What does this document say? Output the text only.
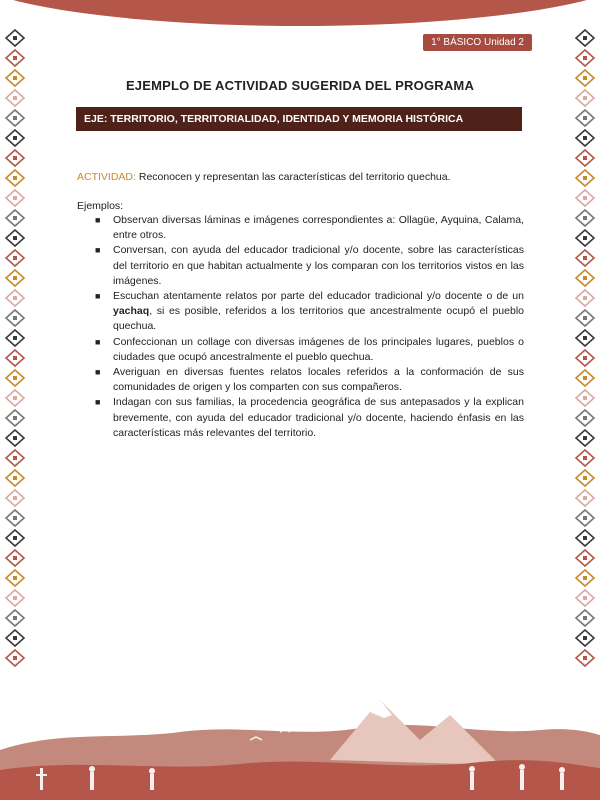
1° BÁSICO Unidad 2
EJEMPLO DE ACTIVIDAD SUGERIDA DEL PROGRAMA
EJE: TERRITORIO, TERRITORIALIDAD, IDENTIDAD Y MEMORIA HISTÓRICA
ACTIVIDAD: Reconocen y representan las características del territorio quechua.
Ejemplos:
■ Observan diversas láminas e imágenes correspondientes a: Ollagüe, Ayquina, Calama, entre otros.
■ Conversan, con ayuda del educador tradicional y/o docente, sobre las características del territorio en que habitan actualmente y los comparan con los territorios vistos en las imágenes.
■ Escuchan atentamente relatos por parte del educador tradicional y/o docente o de un yachaq, si es posible, referidos a los territorios que ancestralmente ocupó el pueblo quechua.
■ Confeccionan un collage con diversas imágenes de los principales lugares, pueblos o ciudades que ocupó ancestralmente el pueblo quechua.
■ Averiguan en diversas fuentes relatos locales referidos a la conformación de sus comunidades de origen y los comparten con sus compañeros.
■ Indagan con sus familias, la procedencia geográfica de sus antepasados y la explican brevemente, con ayuda del educador tradicional y/o docente, haciendo énfasis en las características más relevantes del territorio.
